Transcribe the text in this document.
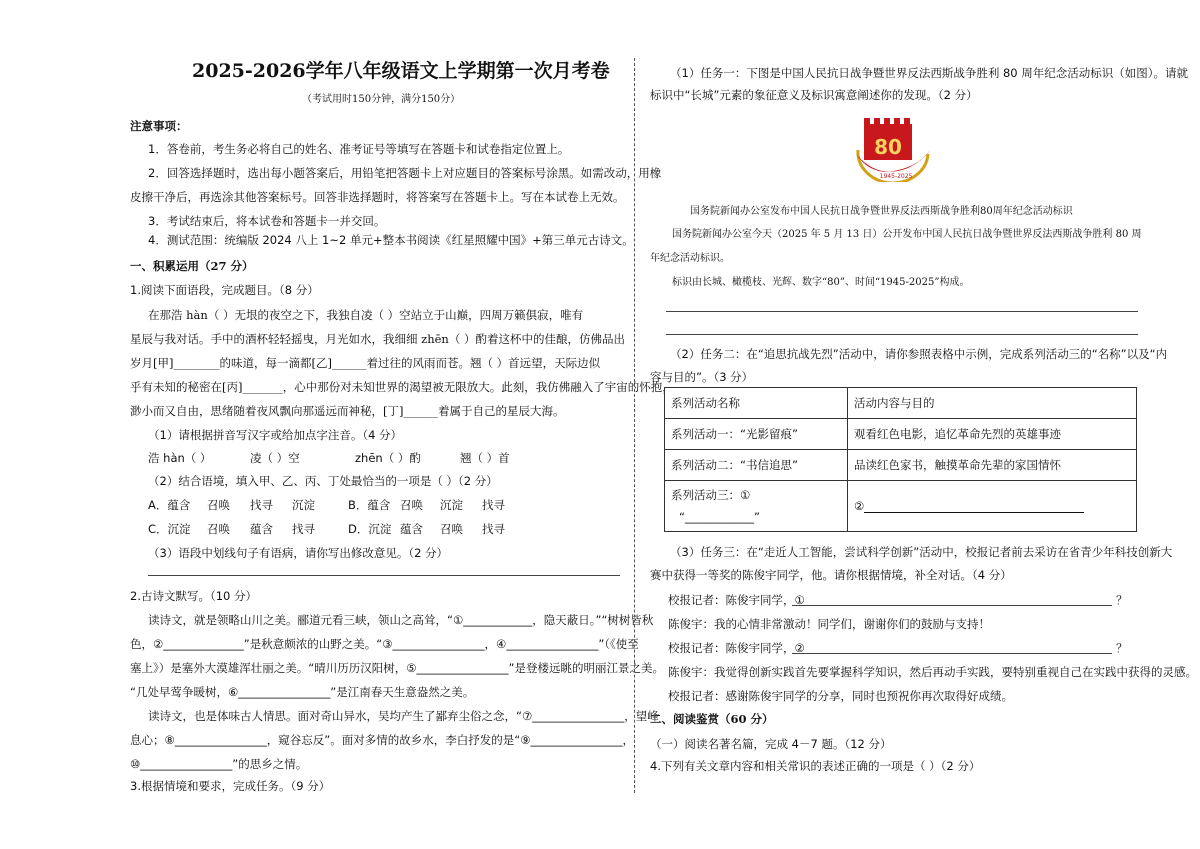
2025-2026学年八年级语文上学期第一次月考卷
（考试用时150分钟，满分150分）
注意事项：
1．答卷前，考生务必将自己的姓名、准考证号等填写在答题卡和试卷指定位置上。
2．回答选择题时，选出每小题答案后，用铅笔把答题卡上对应题目的答案标号涂黑。如需改动，用橡
皮擦干净后，再选涂其他答案标号。回答非选择题时，将答案写在答题卡上。写在本试卷上无效。
3．考试结束后，将本试卷和答题卡一并交回。
4．测试范围：统编版 2024 八上 1~2 单元+整本书阅读《红星照耀中国》+第三单元古诗文。
一、积累运用（27 分）
1.阅读下面语段，完成题目。（8 分）
在那浩 hàn（ ）无垠的夜空之下，我独自凌（ ）空站立于山巅，四周万籁俱寂，唯有
星辰与我对话。手中的酒杯轻轻摇曳，月光如水，我细细 zhēn（ ）酌着这杯中的佳酿，仿佛品出
岁月[甲]________的味道，每一滴都[乙]______着过往的风雨而苍。翘（ ）首远望，天际边似
乎有未知的秘密在[丙]_______，心中那份对未知世界的渴望被无限放大。此刻，我仿佛融入了宇宙的怀抱，
渺小而又自由，思绪随着夜风飘向那遥远而神秘，[丁]______着属于自己的星辰大海。
（1）请根据拼音写汉字或给加点字注音。（4 分）
浩 hàn（ ）	凌（ ）空	zhēn（ ）酌	翘（ ）首
（2）结合语境，填入甲、乙、丙、丁处最恰当的一项是（ ）（2 分）
A．蕴含 召唤 找寻 沉淀	B．蕴含 召唤 沉淀 找寻
C．沉淀 召唤 蕴含 找寻	D．沉淀 蕴含 召唤 找寻
（3）语段中划线句子有语病，请你写出修改意见。（2 分）
2.古诗文默写。（10 分）
读诗文，就是领略山川之美。郦道元看三峡，领山之高耸，“①____________，隐天蔽日。”“树树皆秋
色，②______________”是秋意颇浓的山野之美。“③________________，④________________”（《使至
塞上》）是塞外大漠雄浑壮丽之美。“晴川历历汉阳树，⑤________________”是登楼远眺的明丽江景之美。
“几处早莺争暖树，⑥________________”是江南春天生意盎然之美。
读诗文，也是体味古人情思。面对奇山异水，吴均产生了鄙弃尘俗之念，“⑦________________，望峰
息心；⑧________________，窥谷忘反”。面对多情的故乡水，李白抒发的是“⑨________________，
⑩________________”的思乡之情。
3.根据情境和要求，完成任务。（9 分）
（1）任务一：下图是中国人民抗日战争暨世界反法西斯战争胜利 80 周年纪念活动标识（如图）。请就
标识中“长城”元素的象征意义及标识寓意阐述你的发现。（2 分）
80
1945-2025
国务院新闻办公室发布中国人民抗日战争暨世界反法西斯战争胜利80周年纪念活动标识
国务院新闻办公室今天（2025 年 5 月 13 日）公开发布中国人民抗日战争暨世界反法西斯战争胜利 80 周
年纪念活动标识。
标识由长城、橄榄枝、光辉、数字“80”、时间“1945-2025”构成。
（2）任务二：在“追思抗战先烈”活动中，请你参照表格中示例，完成系列活动三的“名称”以及“内
容与目的”。（3 分）
系列活动名称	活动内容与目的
系列活动一：“光影留痕”	观看红色电影，追忆革命先烈的英雄事迹
系列活动二：“书信追思”	品读红色家书，触摸革命先辈的家国情怀

系列活动三：①
“____________”	②
（3）任务三：在“走近人工智能，尝试科学创新”活动中，校报记者前去采访在省青少年科技创新大
赛中获得一等奖的陈俊宇同学，他。请你根据情境，补全对话。（4 分）
校报记者：陈俊宇同学，①	？
陈俊宇：我的心情非常激动！同学们，谢谢你们的鼓励与支持！
校报记者：陈俊宇同学，②	？
陈俊宇：我觉得创新实践首先要掌握科学知识，然后再动手实践，要特别重视自己在实践中获得的灵感。
校报记者：感谢陈俊宇同学的分享，同时也预祝你再次取得好成绩。
二、阅读鉴赏（60 分）
（一）阅读名著名篇，完成 4－7 题。（12 分）
4.下列有关文章内容和相关常识的表述正确的一项是（ ）（2 分）
